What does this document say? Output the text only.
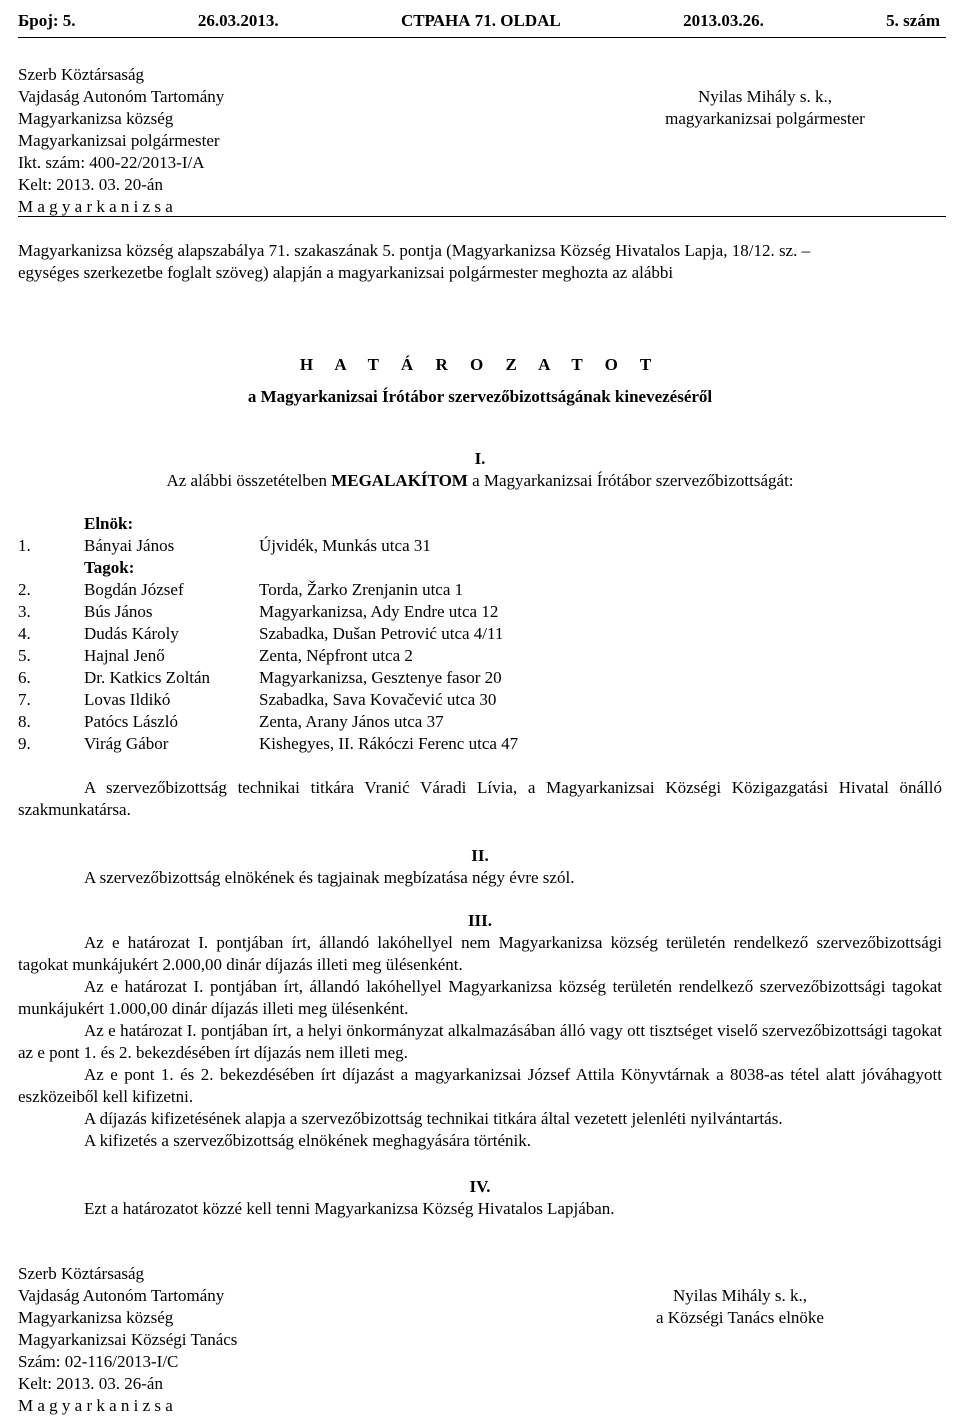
Број: 5.	26.03.2013.	СТРАНА 71. OLDAL	2013.03.26.	5. szám
Szerb Köztársaság
Vajdaság Autonóm Tartomány
Magyarkanizsa község
Magyarkanizsai polgármester
Ikt. szám: 400-22/2013-I/A
Kelt: 2013. 03. 20-án
M a g y a r k a n i z s a
Nyilas Mihály s. k.,
magyarkanizsai polgármester
Magyarkanizsa község alapszabálya 71. szakaszának 5. pontja (Magyarkanizsa Község Hivatalos Lapja, 18/12. sz. –
egységes szerkezetbe foglalt szöveg) alapján a magyarkanizsai polgármester meghozta az alábbi
H A T Á R O Z A T O T
a Magyarkanizsai Írótábor szervezőbizottságának kinevezéséről
I.
Az alábbi összetételben MEGALAKÍTOM a Magyarkanizsai Írótábor szervezőbizottságát:
Elnök:
1.	Bányai János	Újvidék, Munkás utca 31
Tagok:
2.	Bogdán József	Torda, Žarko Zrenjanin utca 1
3.	Bús János	Magyarkanizsa, Ady Endre utca 12
4.	Dudás Károly	Szabadka, Dušan Petrović utca 4/11
5.	Hajnal Jenő	Zenta, Népfront utca 2
6.	Dr. Katkics Zoltán	Magyarkanizsa, Gesztenye fasor 20
7.	Lovas Ildikó	Szabadka, Sava Kovačević utca 30
8.	Patócs László	Zenta, Arany János utca 37
9.	Virág Gábor	Kishegyes, II. Rákóczi Ferenc utca 47
A szervezőbizottság technikai titkára Vranić Váradi Lívia, a Magyarkanizsai Községi Közigazgatási Hivatal önálló szakmunkatársa.
II.
A szervezőbizottság elnökének és tagjainak megbízatása négy évre szól.
III.
Az e határozat I. pontjában írt, állandó lakóhellyel nem Magyarkanizsa község területén rendelkező szervezőbizottsági tagokat munkájukért 2.000,00 dinár díjazás illeti meg ülésenként.
Az e határozat I. pontjában írt, állandó lakóhellyel Magyarkanizsa község területén rendelkező szervezőbizottsági tagokat munkájukért 1.000,00 dinár díjazás illeti meg ülésenként.
Az e határozat I. pontjában írt, a helyi önkormányzat alkalmazásában álló vagy ott tisztséget viselő szervezőbizottsági tagokat az e pont 1. és 2. bekezdésében írt díjazás nem illeti meg.
Az e pont 1. és 2. bekezdésében írt díjazást a magyarkanizsai József Attila Könyvtárnak a 8038-as tétel alatt jóváhagyott eszközeiből kell kifizetni.
A díjazás kifizetésének alapja a szervezőbizottság technikai titkára által vezetett jelenléti nyilvántartás.
A kifizetés a szervezőbizottság elnökének meghagyására történik.
IV.
Ezt a határozatot közzé kell tenni Magyarkanizsa Község Hivatalos Lapjában.
Szerb Köztársaság
Vajdaság Autonóm Tartomány
Magyarkanizsa község
Magyarkanizsai Községi Tanács
Szám: 02-116/2013-I/C
Kelt: 2013. 03. 26-án
M a g y a r k a n i z s a
Nyilas Mihály s. k.,
a Községi Tanács elnöke
